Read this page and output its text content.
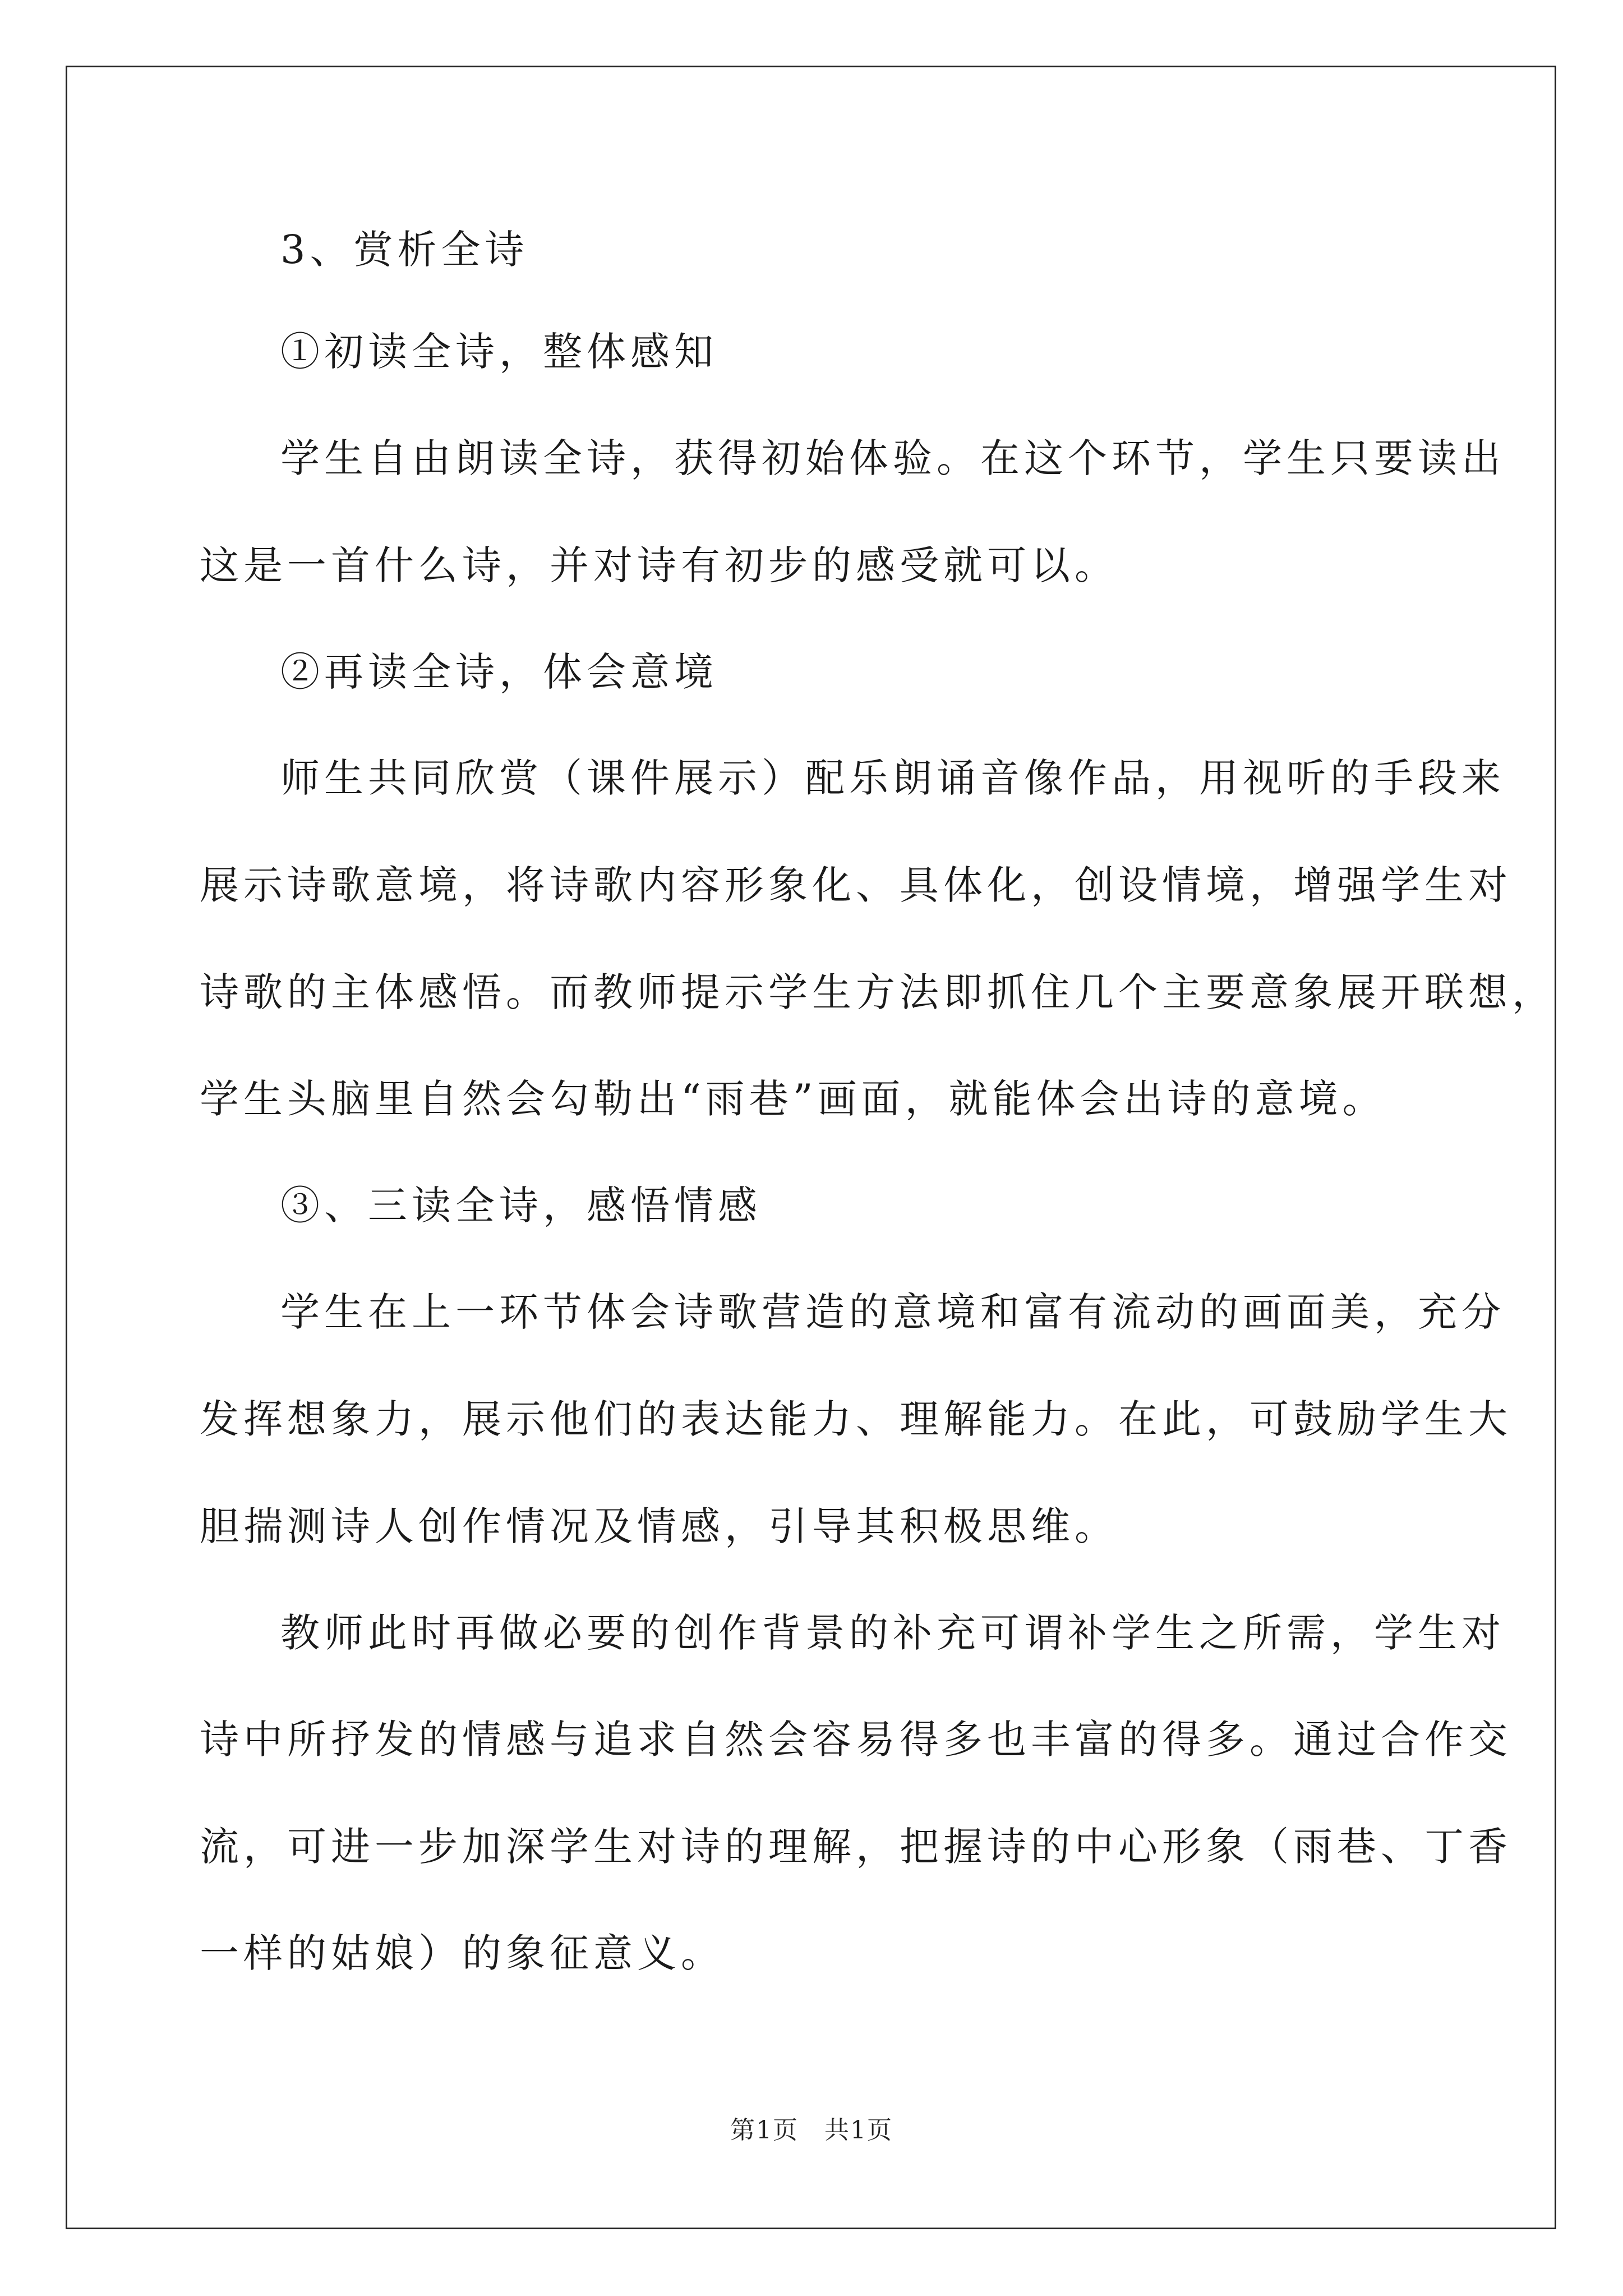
3、赏析全诗
①初读全诗，整体感知
学生自由朗读全诗，获得初始体验。在这个环节，学生只要读出
这是一首什么诗，并对诗有初步的感受就可以。
②再读全诗，体会意境
师生共同欣赏（课件展示）配乐朗诵音像作品，用视听的手段来
展示诗歌意境，将诗歌内容形象化、具体化，创设情境，增强学生对
诗歌的主体感悟。而教师提示学生方法即抓住几个主要意象展开联想，
学生头脑里自然会勾勒出“雨巷”画面，就能体会出诗的意境。
③、三读全诗，感悟情感
学生在上一环节体会诗歌营造的意境和富有流动的画面美，充分
发挥想象力，展示他们的表达能力、理解能力。在此，可鼓励学生大
胆揣测诗人创作情况及情感，引导其积极思维。
教师此时再做必要的创作背景的补充可谓补学生之所需，学生对
诗中所抒发的情感与追求自然会容易得多也丰富的得多。通过合作交
流，可进一步加深学生对诗的理解，把握诗的中心形象（雨巷、丁香
一样的姑娘）的象征意义。
第1页　共1页
